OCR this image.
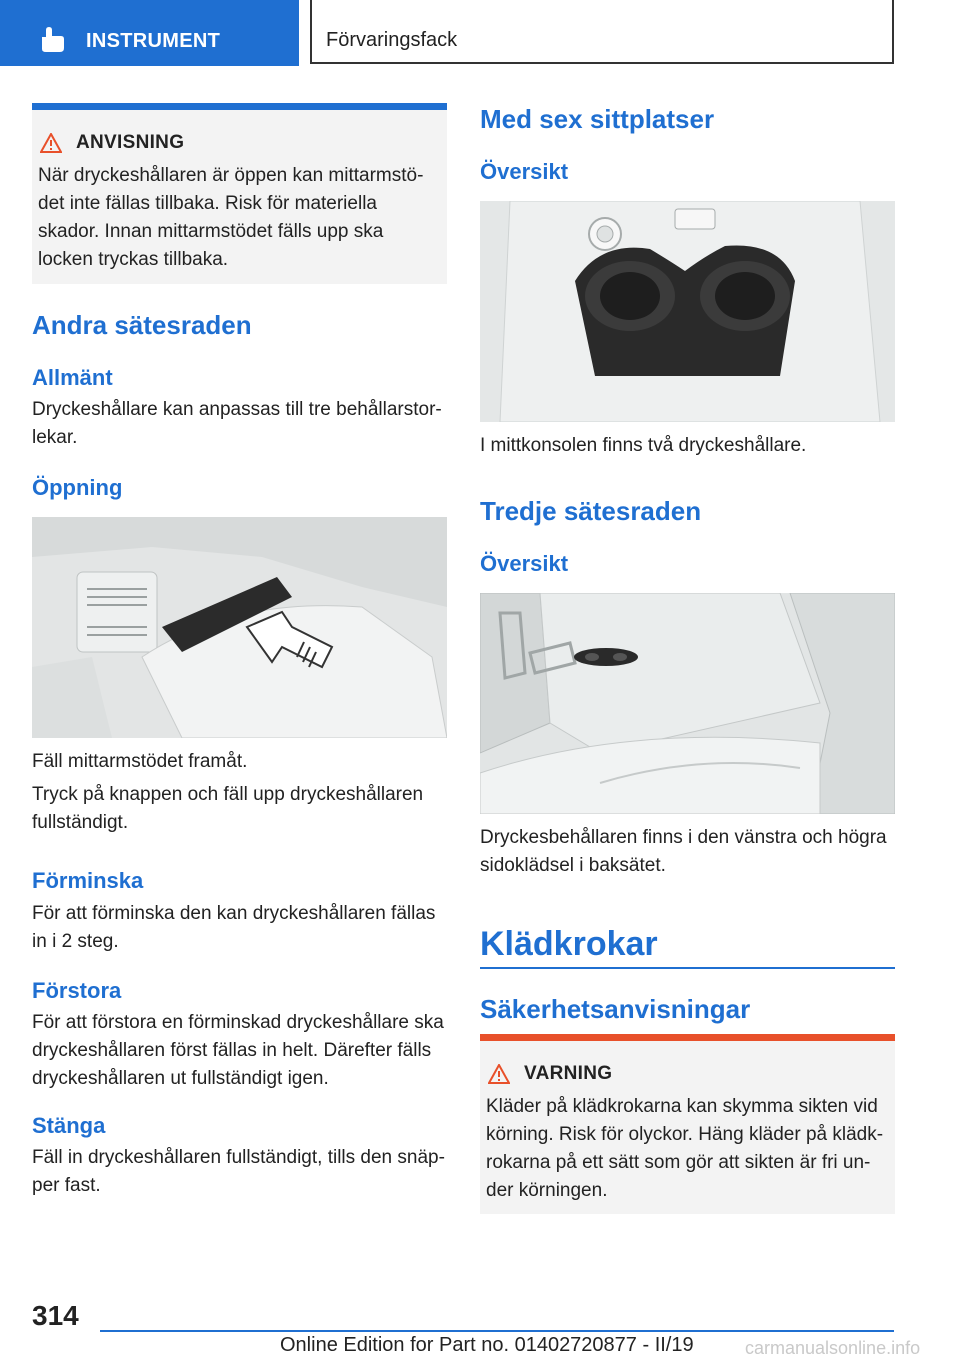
INSTRUMENT	Förvaringsfack
ANVISNING
När dryckeshållaren är öppen kan mittarmstö-det inte fällas tillbaka. Risk för materiella skador. Innan mittarmstödet fälls upp ska locken tryckas tillbaka.
Andra sätesraden
Allmänt
Dryckeshållare kan anpassas till tre behållarstor-lekar.
Öppning
Fäll mittarmstödet framåt.
Tryck på knappen och fäll upp dryckeshållaren fullständigt.
Förminska
För att förminska den kan dryckeshållaren fällas in i 2 steg.
Förstora
För att förstora en förminskad dryckeshållare ska dryckeshållaren först fällas in helt. Därefter fälls dryckeshållaren ut fullständigt igen.
Stänga
Fäll in dryckeshållaren fullständigt, tills den snäp-per fast.
Med sex sittplatser
Översikt
I mittkonsolen finns två dryckeshållare.
Tredje sätesraden
Översikt
Dryckesbehållaren finns i den vänstra och högra sidoklädsel i baksätet.
Klädkrokar
Säkerhetsanvisningar
VARNING
Kläder på klädkrokarna kan skymma sikten vid körning. Risk för olyckor. Häng kläder på klädk-rokarna på ett sätt som gör att sikten är fri un-der körningen.
314
Online Edition for Part no. 01402720877 - II/19	carmanualsonline.info
